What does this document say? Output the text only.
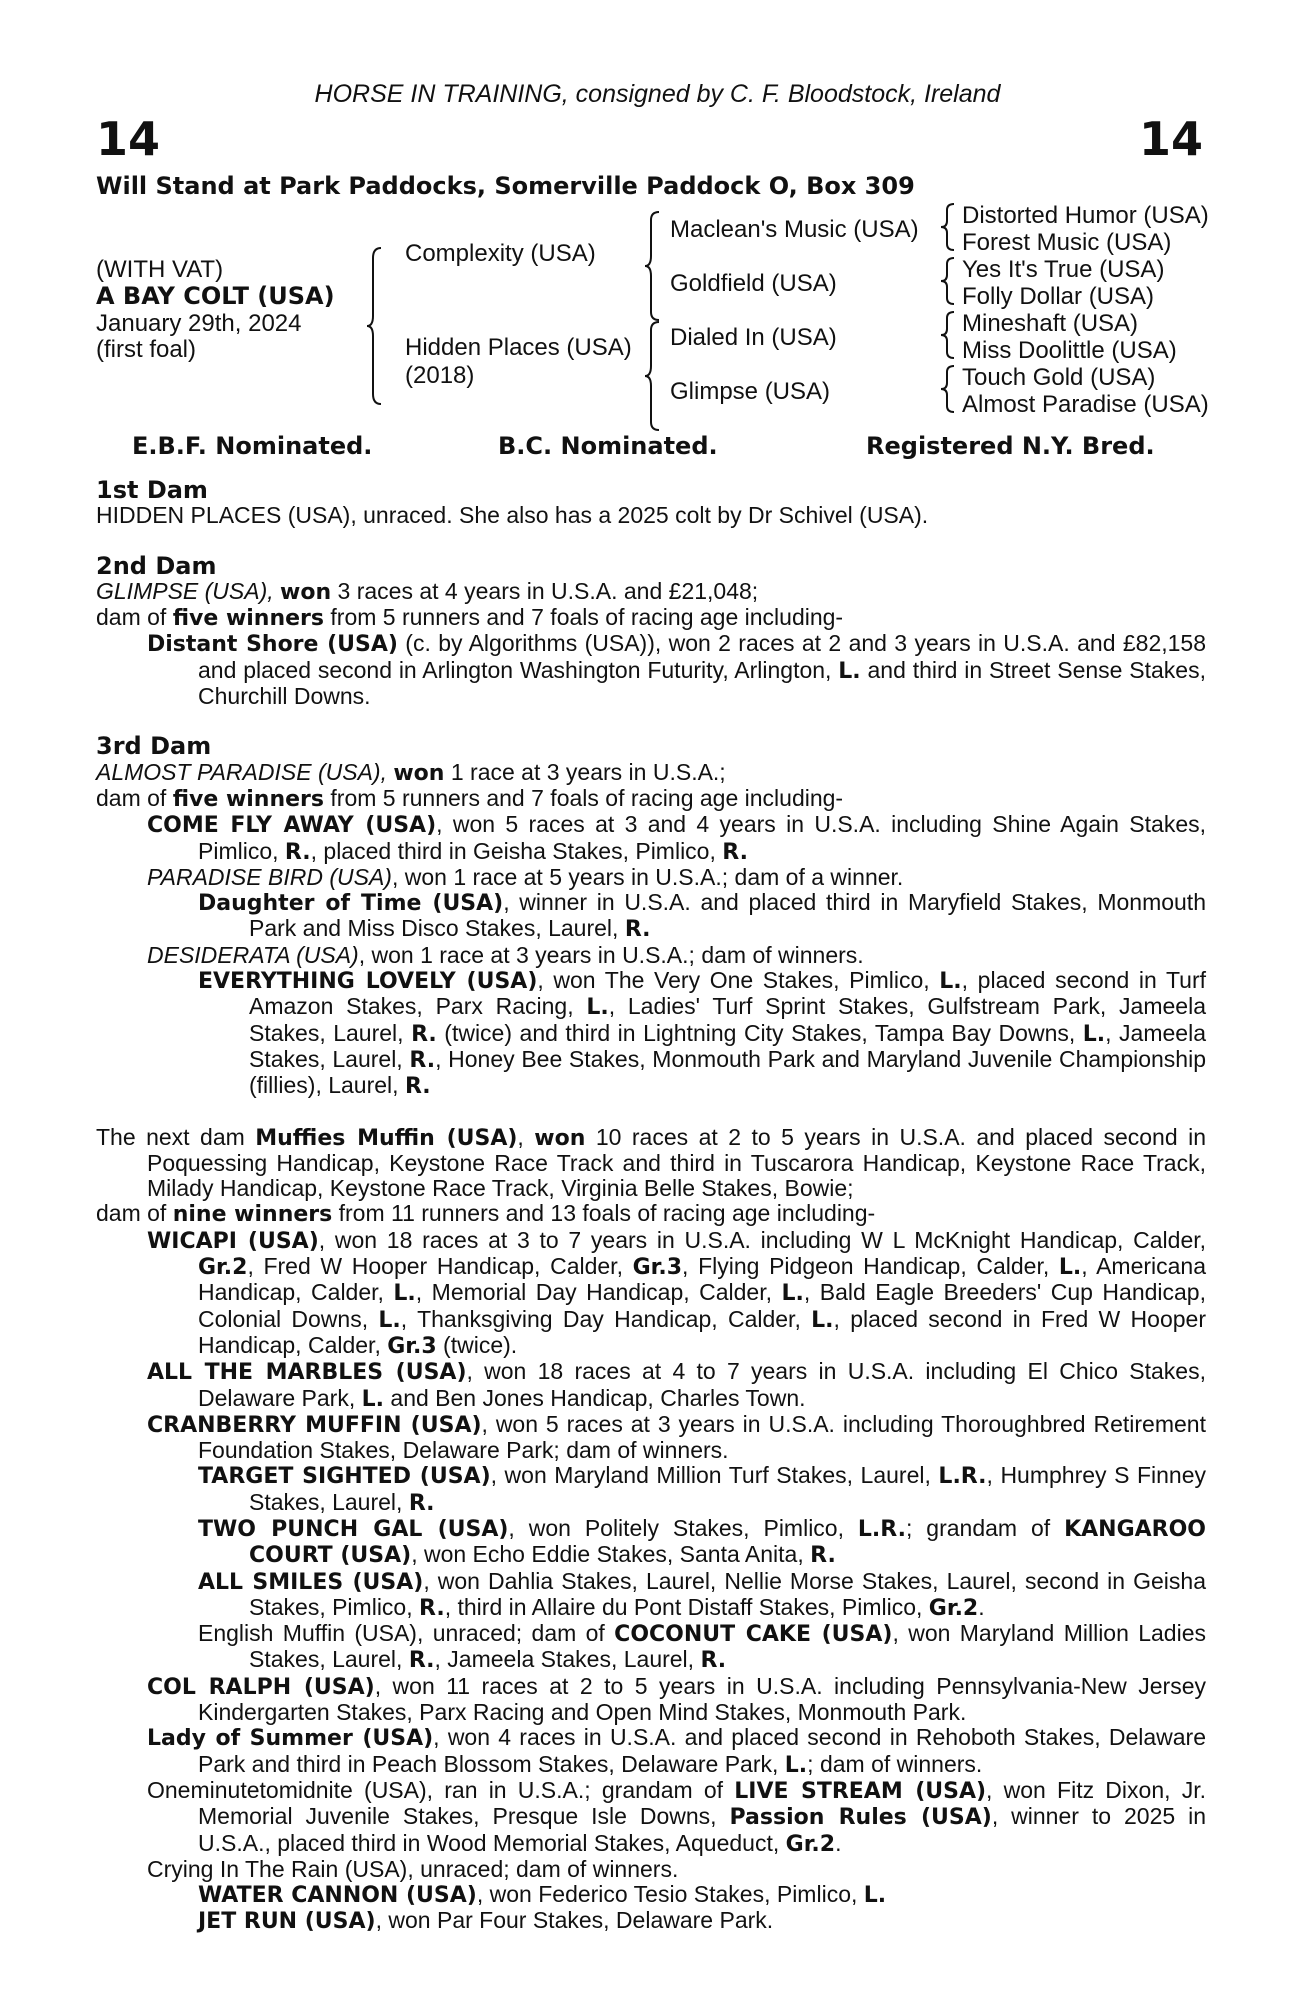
HORSE IN TRAINING, consigned by C. F. Bloodstock, Ireland
14	14
Will Stand at Park Paddocks, Somerville Paddock O, Box 309
(WITH VAT)
A BAY COLT (USA)
January 29th, 2024
(first foal)
Complexity (USA)
Hidden Places (USA)
(2018)
Maclean's Music (USA)
Goldfield (USA)
Dialed In (USA)
Glimpse (USA)
Distorted Humor (USA)
Forest Music (USA)
Yes It's True (USA)
Folly Dollar (USA)
Mineshaft (USA)
Miss Doolittle (USA)
Touch Gold (USA)
Almost Paradise (USA)
E.B.F. Nominated.	B.C. Nominated.	Registered N.Y. Bred.
1st Dam
HIDDEN PLACES (USA), unraced. She also has a 2025 colt by Dr Schivel (USA).
2nd Dam
GLIMPSE (USA), won 3 races at 4 years in U.S.A. and £21,048;
dam of five winners from 5 runners and 7 foals of racing age including-
Distant Shore (USA) (c. by Algorithms (USA)), won 2 races at 2 and 3 years in U.S.A. and £82,158 and placed second in Arlington Washington Futurity, Arlington, L. and third in Street Sense Stakes, Churchill Downs.
3rd Dam
ALMOST PARADISE (USA), won 1 race at 3 years in U.S.A.;
dam of five winners from 5 runners and 7 foals of racing age including-
COME FLY AWAY (USA), won 5 races at 3 and 4 years in U.S.A. including Shine Again Stakes, Pimlico, R., placed third in Geisha Stakes, Pimlico, R.
PARADISE BIRD (USA), won 1 race at 5 years in U.S.A.; dam of a winner.
Daughter of Time (USA), winner in U.S.A. and placed third in Maryfield Stakes, Monmouth Park and Miss Disco Stakes, Laurel, R.
DESIDERATA (USA), won 1 race at 3 years in U.S.A.; dam of winners.
EVERYTHING LOVELY (USA), won The Very One Stakes, Pimlico, L., placed second in Turf Amazon Stakes, Parx Racing, L., Ladies' Turf Sprint Stakes, Gulfstream Park, Jameela Stakes, Laurel, R. (twice) and third in Lightning City Stakes, Tampa Bay Downs, L., Jameela Stakes, Laurel, R., Honey Bee Stakes, Monmouth Park and Maryland Juvenile Championship (fillies), Laurel, R.
The next dam Muffies Muffin (USA), won 10 races at 2 to 5 years in U.S.A. and placed second in Poquessing Handicap, Keystone Race Track and third in Tuscarora Handicap, Keystone Race Track, Milady Handicap, Keystone Race Track, Virginia Belle Stakes, Bowie;
dam of nine winners from 11 runners and 13 foals of racing age including-
WICAPI (USA), won 18 races at 3 to 7 years in U.S.A. including W L McKnight Handicap, Calder, Gr.2, Fred W Hooper Handicap, Calder, Gr.3, Flying Pidgeon Handicap, Calder, L., Americana Handicap, Calder, L., Memorial Day Handicap, Calder, L., Bald Eagle Breeders' Cup Handicap, Colonial Downs, L., Thanksgiving Day Handicap, Calder, L., placed second in Fred W Hooper Handicap, Calder, Gr.3 (twice).
ALL THE MARBLES (USA), won 18 races at 4 to 7 years in U.S.A. including El Chico Stakes, Delaware Park, L. and Ben Jones Handicap, Charles Town.
CRANBERRY MUFFIN (USA), won 5 races at 3 years in U.S.A. including Thoroughbred Retirement Foundation Stakes, Delaware Park; dam of winners.
TARGET SIGHTED (USA), won Maryland Million Turf Stakes, Laurel, L.R., Humphrey S Finney Stakes, Laurel, R.
TWO PUNCH GAL (USA), won Politely Stakes, Pimlico, L.R.; grandam of KANGAROO COURT (USA), won Echo Eddie Stakes, Santa Anita, R.
ALL SMILES (USA), won Dahlia Stakes, Laurel, Nellie Morse Stakes, Laurel, second in Geisha Stakes, Pimlico, R., third in Allaire du Pont Distaff Stakes, Pimlico, Gr.2.
English Muffin (USA), unraced; dam of COCONUT CAKE (USA), won Maryland Million Ladies Stakes, Laurel, R., Jameela Stakes, Laurel, R.
COL RALPH (USA), won 11 races at 2 to 5 years in U.S.A. including Pennsylvania-New Jersey Kindergarten Stakes, Parx Racing and Open Mind Stakes, Monmouth Park.
Lady of Summer (USA), won 4 races in U.S.A. and placed second in Rehoboth Stakes, Delaware Park and third in Peach Blossom Stakes, Delaware Park, L.; dam of winners.
Oneminutetomidnite (USA), ran in U.S.A.; grandam of LIVE STREAM (USA), won Fitz Dixon, Jr. Memorial Juvenile Stakes, Presque Isle Downs, Passion Rules (USA), winner to 2025 in U.S.A., placed third in Wood Memorial Stakes, Aqueduct, Gr.2.
Crying In The Rain (USA), unraced; dam of winners.
WATER CANNON (USA), won Federico Tesio Stakes, Pimlico, L.
JET RUN (USA), won Par Four Stakes, Delaware Park.
